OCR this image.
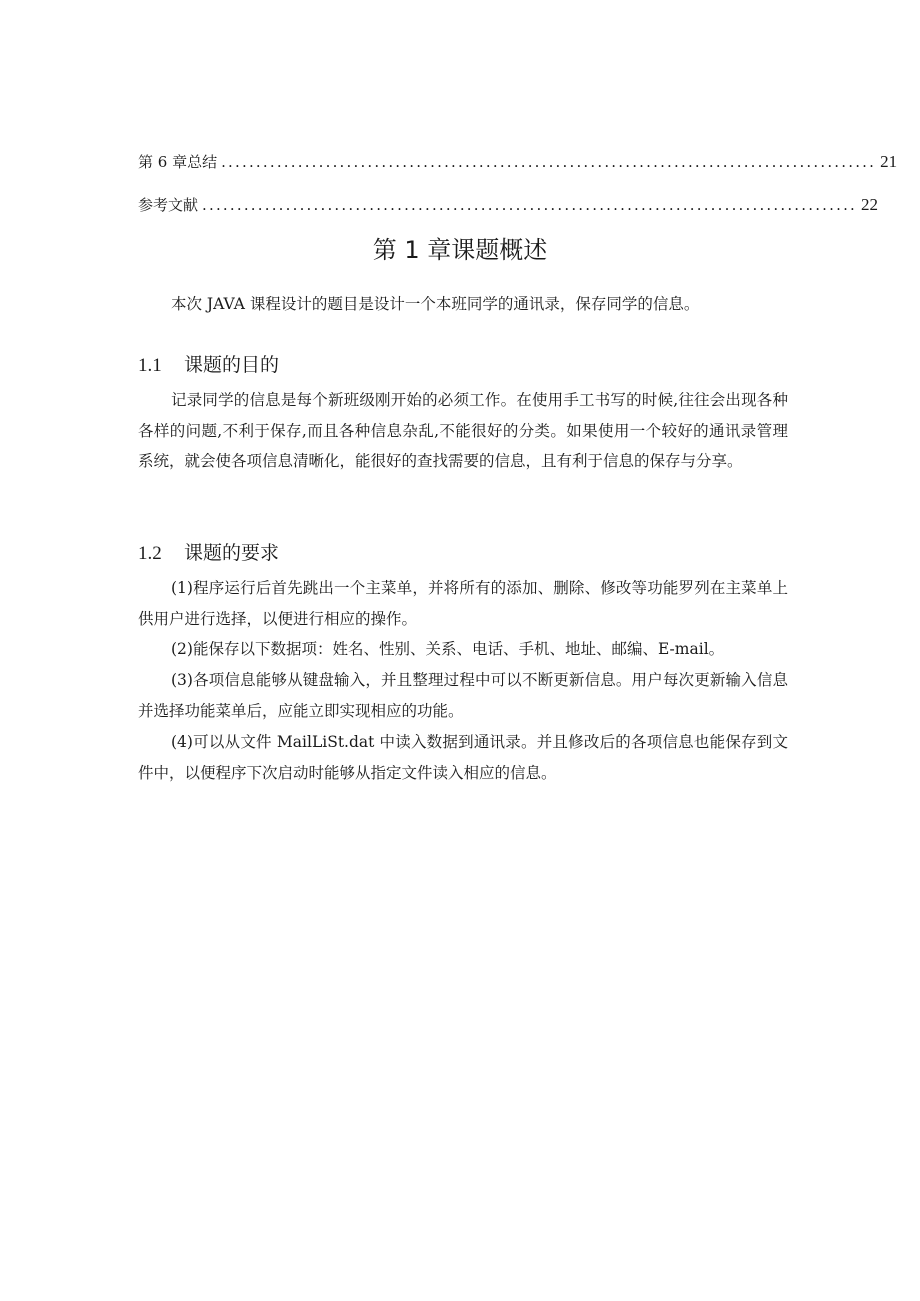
第 6 章总结 .............................................................................................. 21
参考文献 .............................................................................................. 22
第 1 章课题概述

本次 JAVA 课程设计的题目是设计一个本班同学的通讯录，保存同学的信息。

1.1 课题的目的

记录同学的信息是每个新班级刚开始的必须工作。在使用手工书写的时候,往往会出现各种各样的问题,不利于保存,而且各种信息杂乱,不能很好的分类。如果使用一个较好的通讯录管理系统，就会使各项信息清晰化，能很好的查找需要的信息，且有利于信息的保存与分享。

1.2 课题的要求

(1)程序运行后首先跳出一个主菜单，并将所有的添加、删除、修改等功能罗列在主菜单上供用户进行选择，以便进行相应的操作。

(2)能保存以下数据项：姓名、性别、关系、电话、手机、地址、邮编、E-mail。

(3)各项信息能够从键盘输入，并且整理过程中可以不断更新信息。用户每次更新输入信息并选择功能菜单后，应能立即实现相应的功能。

(4)可以从文件 MailLiSt.dat 中读入数据到通讯录。并且修改后的各项信息也能保存到文件中，以便程序下次启动时能够从指定文件读入相应的信息。
